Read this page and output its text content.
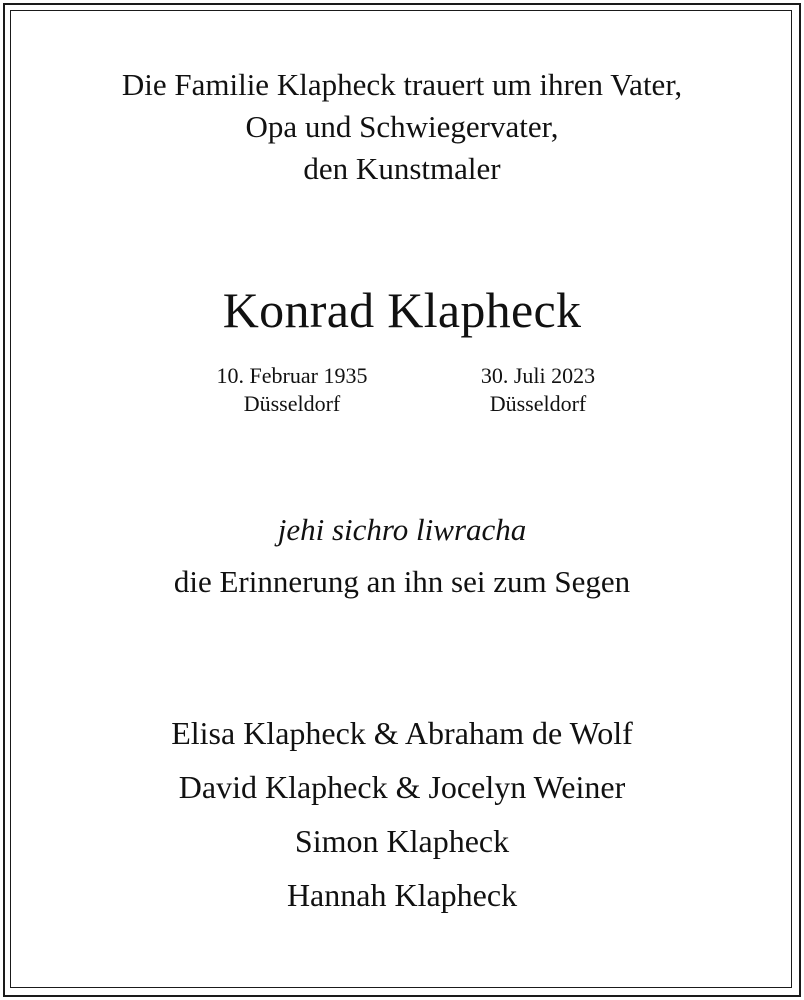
Die Familie Klapheck trauert um ihren Vater,
Opa und Schwiegervater,
den Kunstmaler
Konrad Klapheck
10. Februar 1935
Düsseldorf
30. Juli 2023
Düsseldorf
jehi sichro liwracha
die Erinnerung an ihn sei zum Segen
Elisa Klapheck & Abraham de Wolf
David Klapheck & Jocelyn Weiner
Simon Klapheck
Hannah Klapheck
